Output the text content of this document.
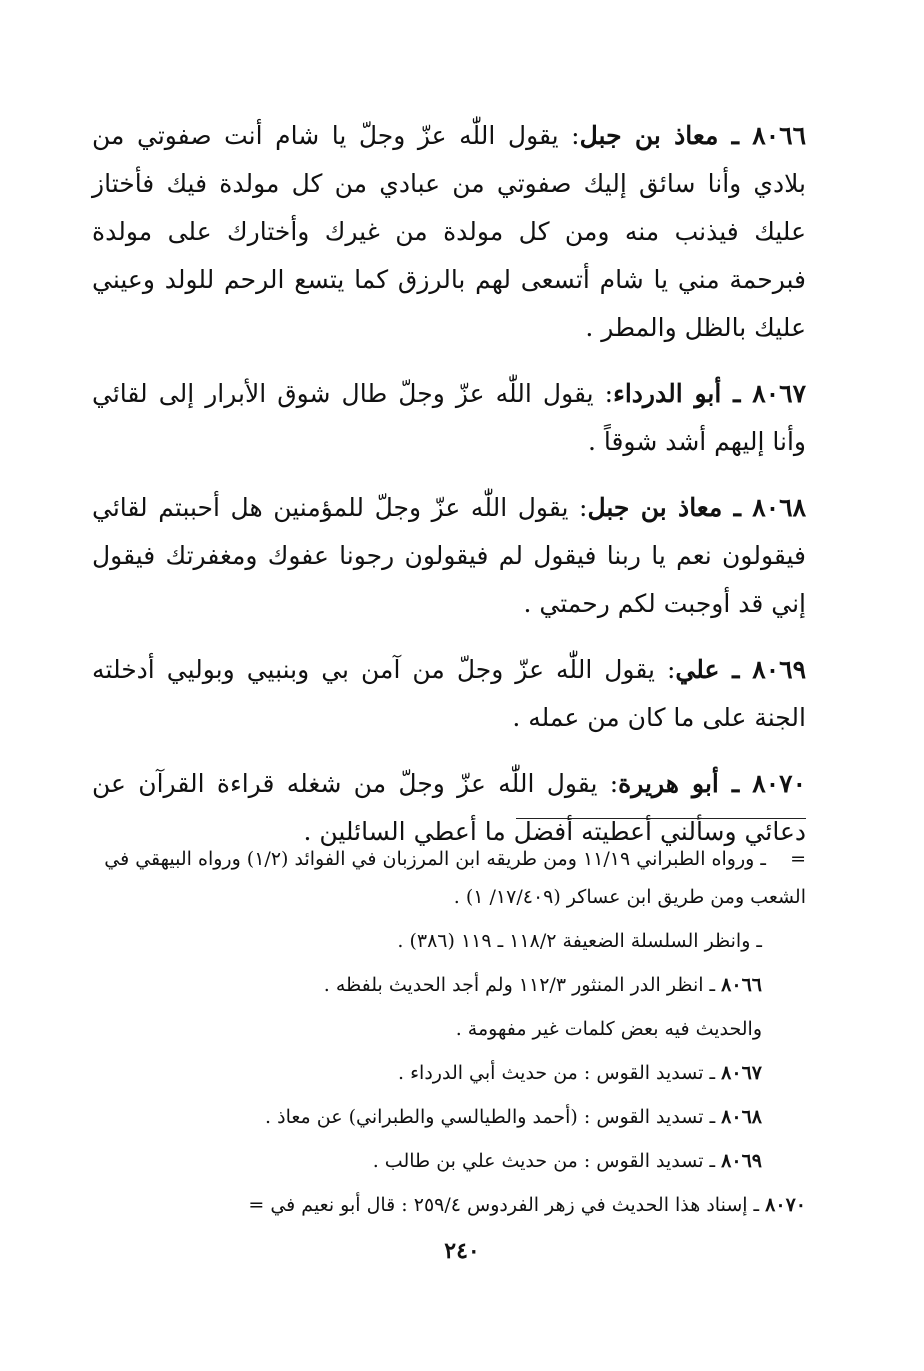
٨٠٦٦ ـ معاذ بن جبل: يقول اللّٰه عزّ وجلّ يا شام أنت صفوتي من بلادي وأنا سائق إليك صفوتي من عبادي من كل مولدة فيك فأختاز عليك فيذنب منه ومن كل مولدة من غيرك وأختارك على مولدة فبرحمة مني يا شام أتسعى لهم بالرزق كما يتسع الرحم للولد وعيني عليك بالظل والمطر .

٨٠٦٧ ـ أبو الدرداء: يقول اللّٰه عزّ وجلّ طال شوق الأبرار إلى لقائي وأنا إليهم أشد شوقاً .

٨٠٦٨ ـ معاذ بن جبل: يقول اللّٰه عزّ وجلّ للمؤمنين هل أحببتم لقائي فيقولون نعم يا ربنا فيقول لم فيقولون رجونا عفوك ومغفرتك فيقول إني قد أوجبت لكم رحمتي .

٨٠٦٩ ـ علي: يقول اللّٰه عزّ وجلّ من آمن بي وبنبيي وبوليي أدخلته الجنة على ما كان من عمله .

٨٠٧٠ ـ أبو هريرة: يقول اللّٰه عزّ وجلّ من شغله قراءة القرآن عن دعائي وسألني أعطيته أفضل ما أعطي السائلين .

=    ـ ورواه الطبراني ١١/١٩ ومن طريقه ابن المرزبان في الفوائد (١/٢) ورواه البيهقي في الشعب ومن طريق ابن عساكر (١٧/٤٠٩/ ١) .

ـ وانظر السلسلة الضعيفة ١١٨/٢ ـ ١١٩ (٣٨٦) .

٨٠٦٦ ـ انظر الدر المنثور ١١٢/٣ ولم أجد الحديث بلفظه .

والحديث فيه بعض كلمات غير مفهومة .

٨٠٦٧ ـ تسديد القوس : من حديث أبي الدرداء .

٨٠٦٨ ـ تسديد القوس : (أحمد والطيالسي والطبراني) عن معاذ .

٨٠٦٩ ـ تسديد القوس : من حديث علي بن طالب .

٨٠٧٠ ـ إسناد هذا الحديث في زهر الفردوس ٢٥٩/٤ : قال أبو نعيم في =

٢٤٠
